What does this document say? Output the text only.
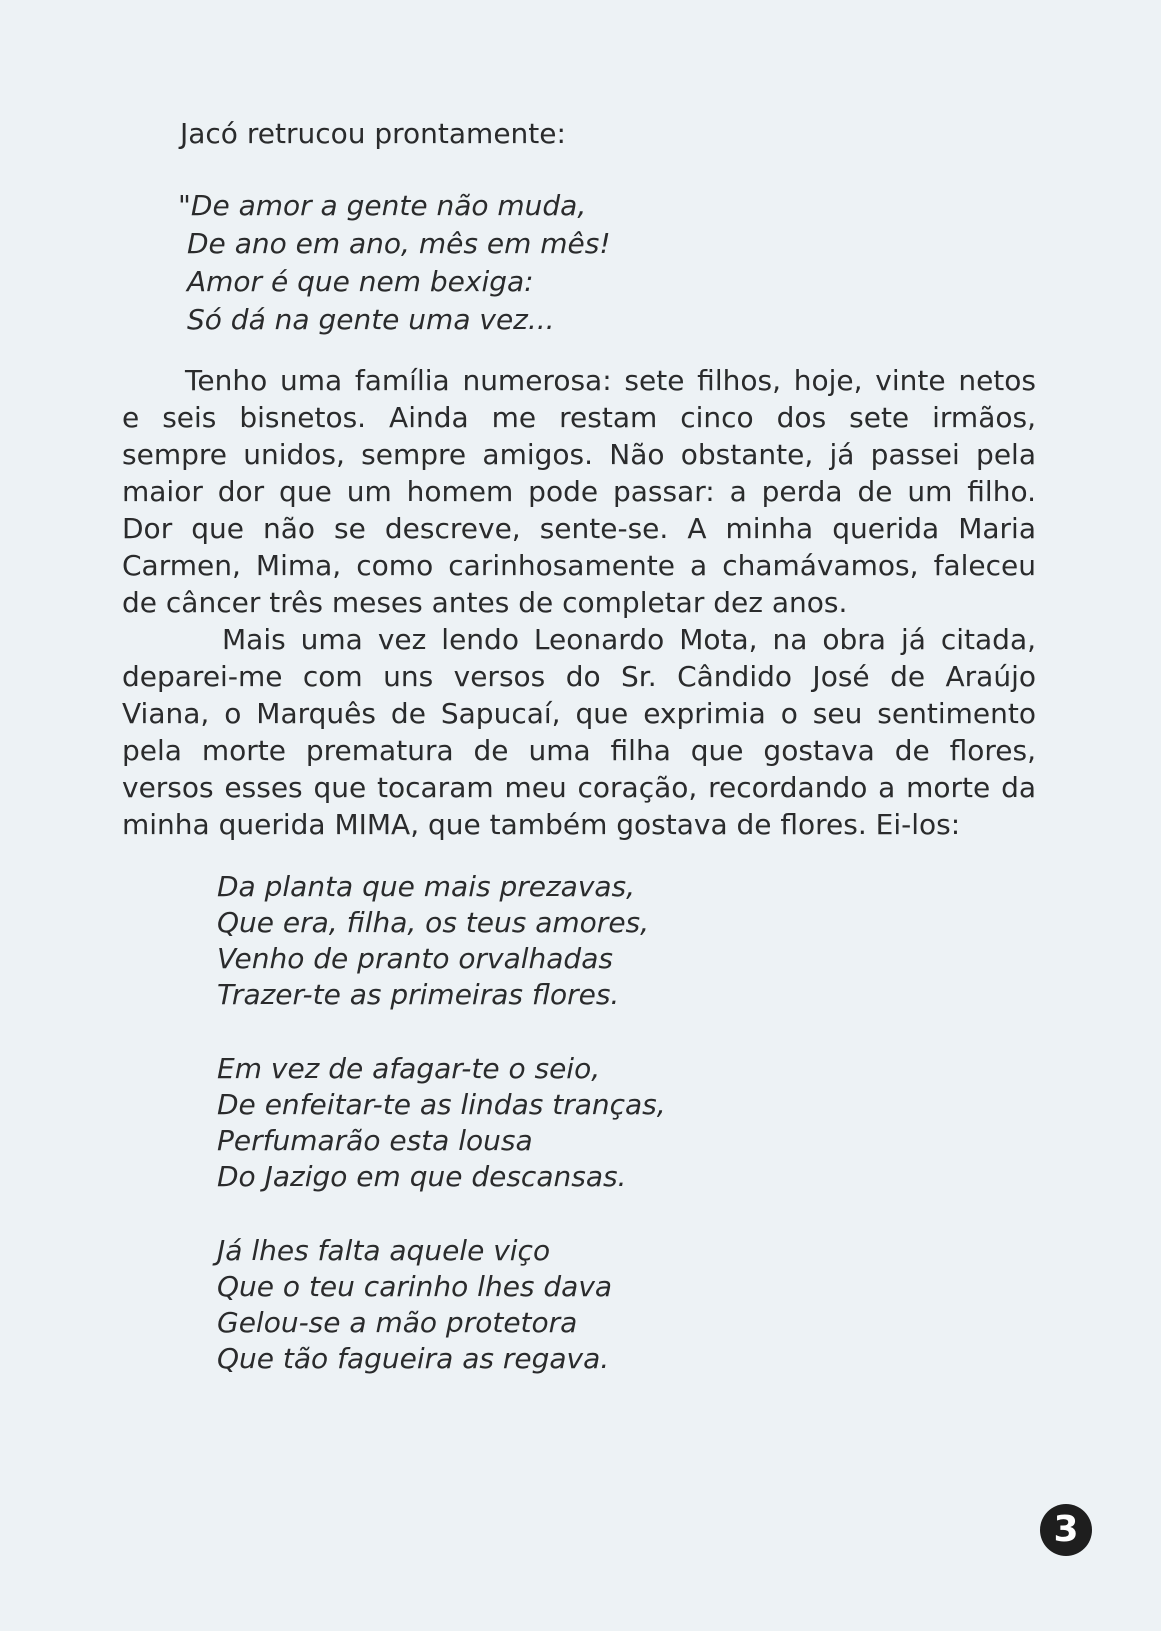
Jacó retrucou prontamente:
"De amor a gente não muda,
De ano em ano, mês em mês!
Amor é que nem bexiga:
Só dá na gente uma vez...
Tenho uma família numerosa: sete filhos, hoje, vinte netos
e seis bisnetos. Ainda me restam cinco dos sete irmãos,
sempre unidos, sempre amigos. Não obstante, já passei pela
maior dor que um homem pode passar: a perda de um filho.
Dor que não se descreve, sente-se. A minha querida Maria
Carmen, Mima, como carinhosamente a chamávamos, faleceu
de câncer três meses antes de completar dez anos.
Mais uma vez lendo Leonardo Mota, na obra já citada,
deparei-me com uns versos do Sr. Cândido José de Araújo
Viana, o Marquês de Sapucaí, que exprimia o seu sentimento
pela morte prematura de uma filha que gostava de flores,
versos esses que tocaram meu coração, recordando a morte da
minha querida MIMA, que também gostava de flores. Ei-los:
Da planta que mais prezavas,
Que era, filha, os teus amores,
Venho de pranto orvalhadas
Trazer-te as primeiras flores.
Em vez de afagar-te o seio,
De enfeitar-te as lindas tranças,
Perfumarão esta lousa
Do Jazigo em que descansas.
Já lhes falta aquele viço
Que o teu carinho lhes dava
Gelou-se a mão protetora
Que tão fagueira as regava.
3
